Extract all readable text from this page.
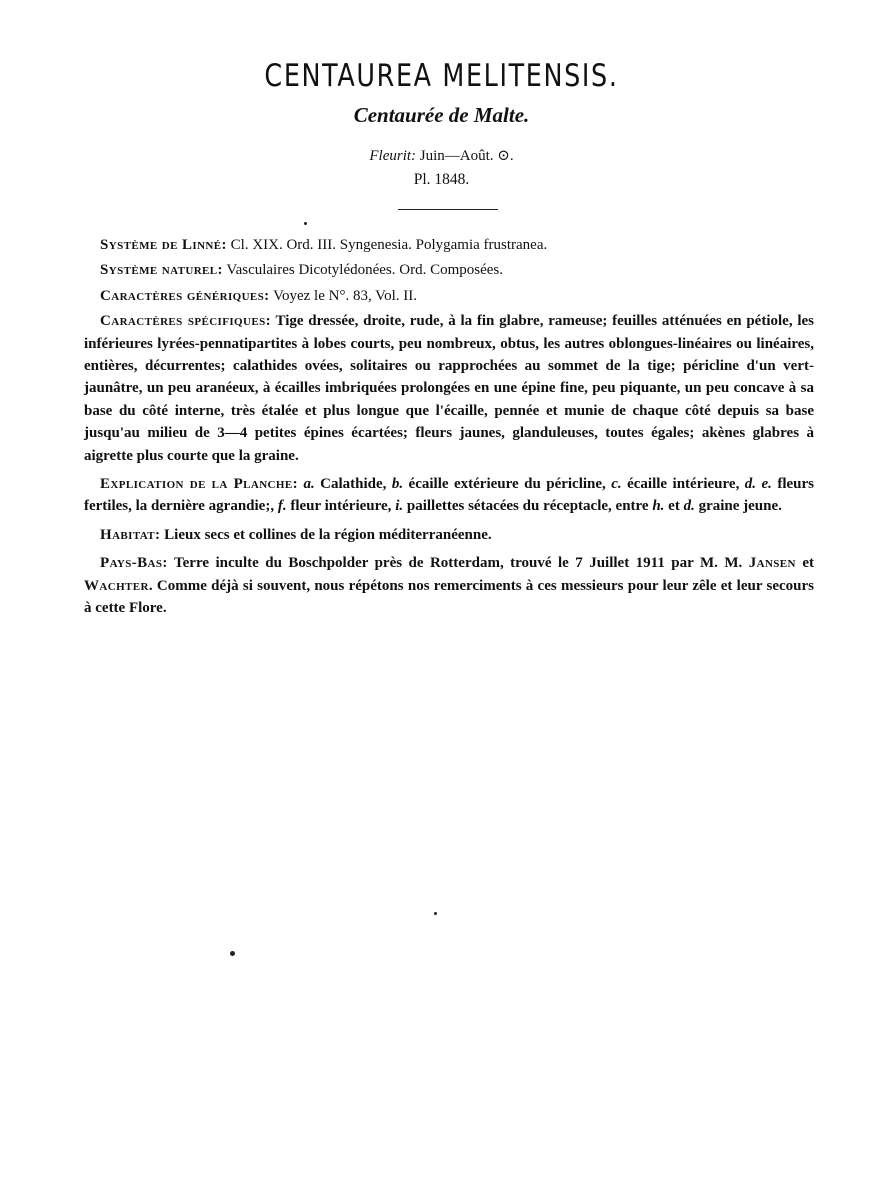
CENTAUREA MELITENSIS.
Centaurée de Malte.
Fleurit: Juin—Août. ⊙.
Pl. 1848.

Système de Linné: Cl. XIX. Ord. III. Syngenesia. Polygamia frustranea.

Système naturel: Vasculaires Dicotylédonées. Ord. Composées.

Caractères génériques: Voyez le N°. 83, Vol. II.

Caractères spécifiques: Tige dressée, droite, rude, à la fin glabre, rameuse; feuilles atténuées en pétiole, les inférieures lyrées-pennatipartites à lobes courts, peu nombreux, obtus, les autres oblongues-linéaires ou linéaires, entières, décurrentes; calathides ovées, solitaires ou rapprochées au sommet de la tige; péricline d'un vert-jaunâtre, un peu aranéeux, à écailles imbriquées prolongées en une épine fine, peu piquante, un peu concave à sa base du côté interne, très étalée et plus longue que l'écaille, pennée et munie de chaque côté depuis sa base jusqu'au milieu de 3—4 petites épines écartées; fleurs jaunes, glanduleuses, toutes égales; akènes glabres à aigrette plus courte que la graine.

Explication de la Planche: a. Calathide, b. écaille extérieure du péricline, c. écaille intérieure, d. e. fleurs fertiles, la dernière agrandie;, f. fleur intérieure, i. paillettes sétacées du réceptacle, entre h. et d. graine jeune.

Habitat: Lieux secs et collines de la région méditerranéenne.

Pays-Bas: Terre inculte du Boschpolder près de Rotterdam, trouvé le 7 Juillet 1911 par M. M. Jansen et Wachter. Comme déjà si souvent, nous répétons nos remerciments à ces messieurs pour leur zêle et leur secours à cette Flore.
